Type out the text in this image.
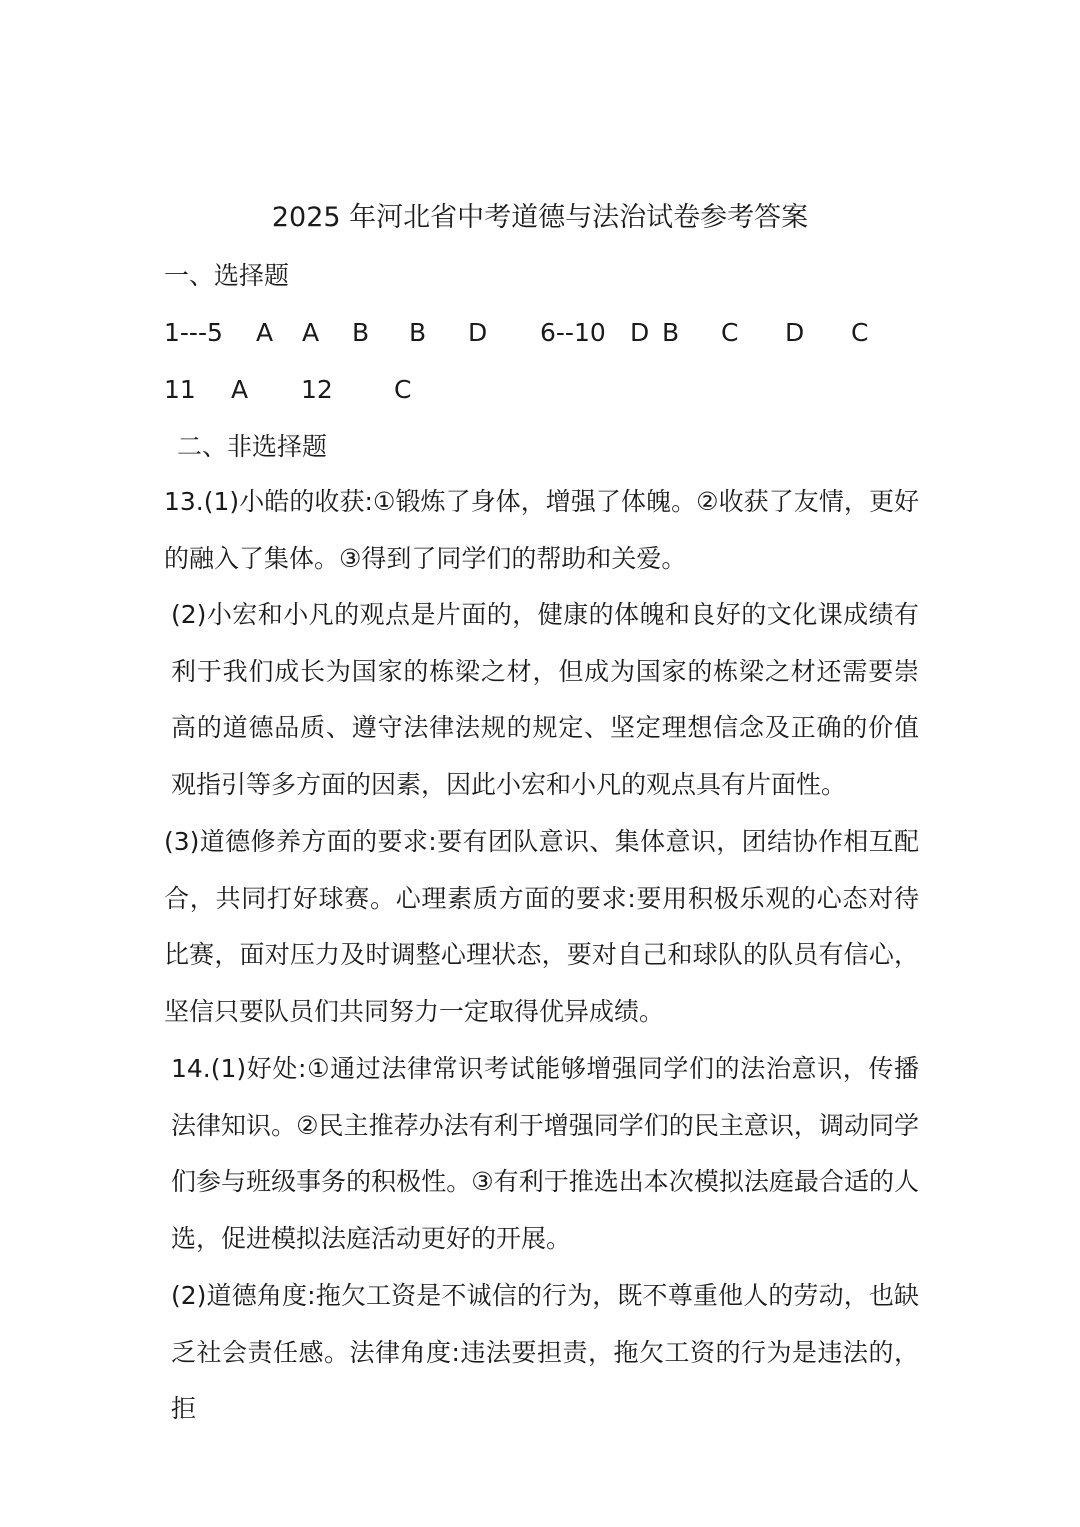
2025 年河北省中考道德与法治试卷参考答案
一、选择题
1---5 A A B B D 6--10 D B C D C
11 A 12 C
二、非选择题
13.(1)小皓的收获:①锻炼了身体，增强了体魄。②收获了友情，更好的融入了集体。③得到了同学们的帮助和关爱。
(2)小宏和小凡的观点是片面的，健康的体魄和良好的文化课成绩有利于我们成长为国家的栋梁之材，但成为国家的栋梁之材还需要崇高的道德品质、遵守法律法规的规定、坚定理想信念及正确的价值观指引等多方面的因素，因此小宏和小凡的观点具有片面性。
(3)道德修养方面的要求:要有团队意识、集体意识，团结协作相互配合，共同打好球赛。心理素质方面的要求:要用积极乐观的心态对待比赛，面对压力及时调整心理状态，要对自己和球队的队员有信心，坚信只要队员们共同努力一定取得优异成绩。
14.(1)好处:①通过法律常识考试能够增强同学们的法治意识，传播法律知识。②民主推荐办法有利于增强同学们的民主意识，调动同学们参与班级事务的积极性。③有利于推选出本次模拟法庭最合适的人选，促进模拟法庭活动更好的开展。
(2)道德角度:拖欠工资是不诚信的行为，既不尊重他人的劳动，也缺乏社会责任感。法律角度:违法要担责，拖欠工资的行为是违法的，拒
